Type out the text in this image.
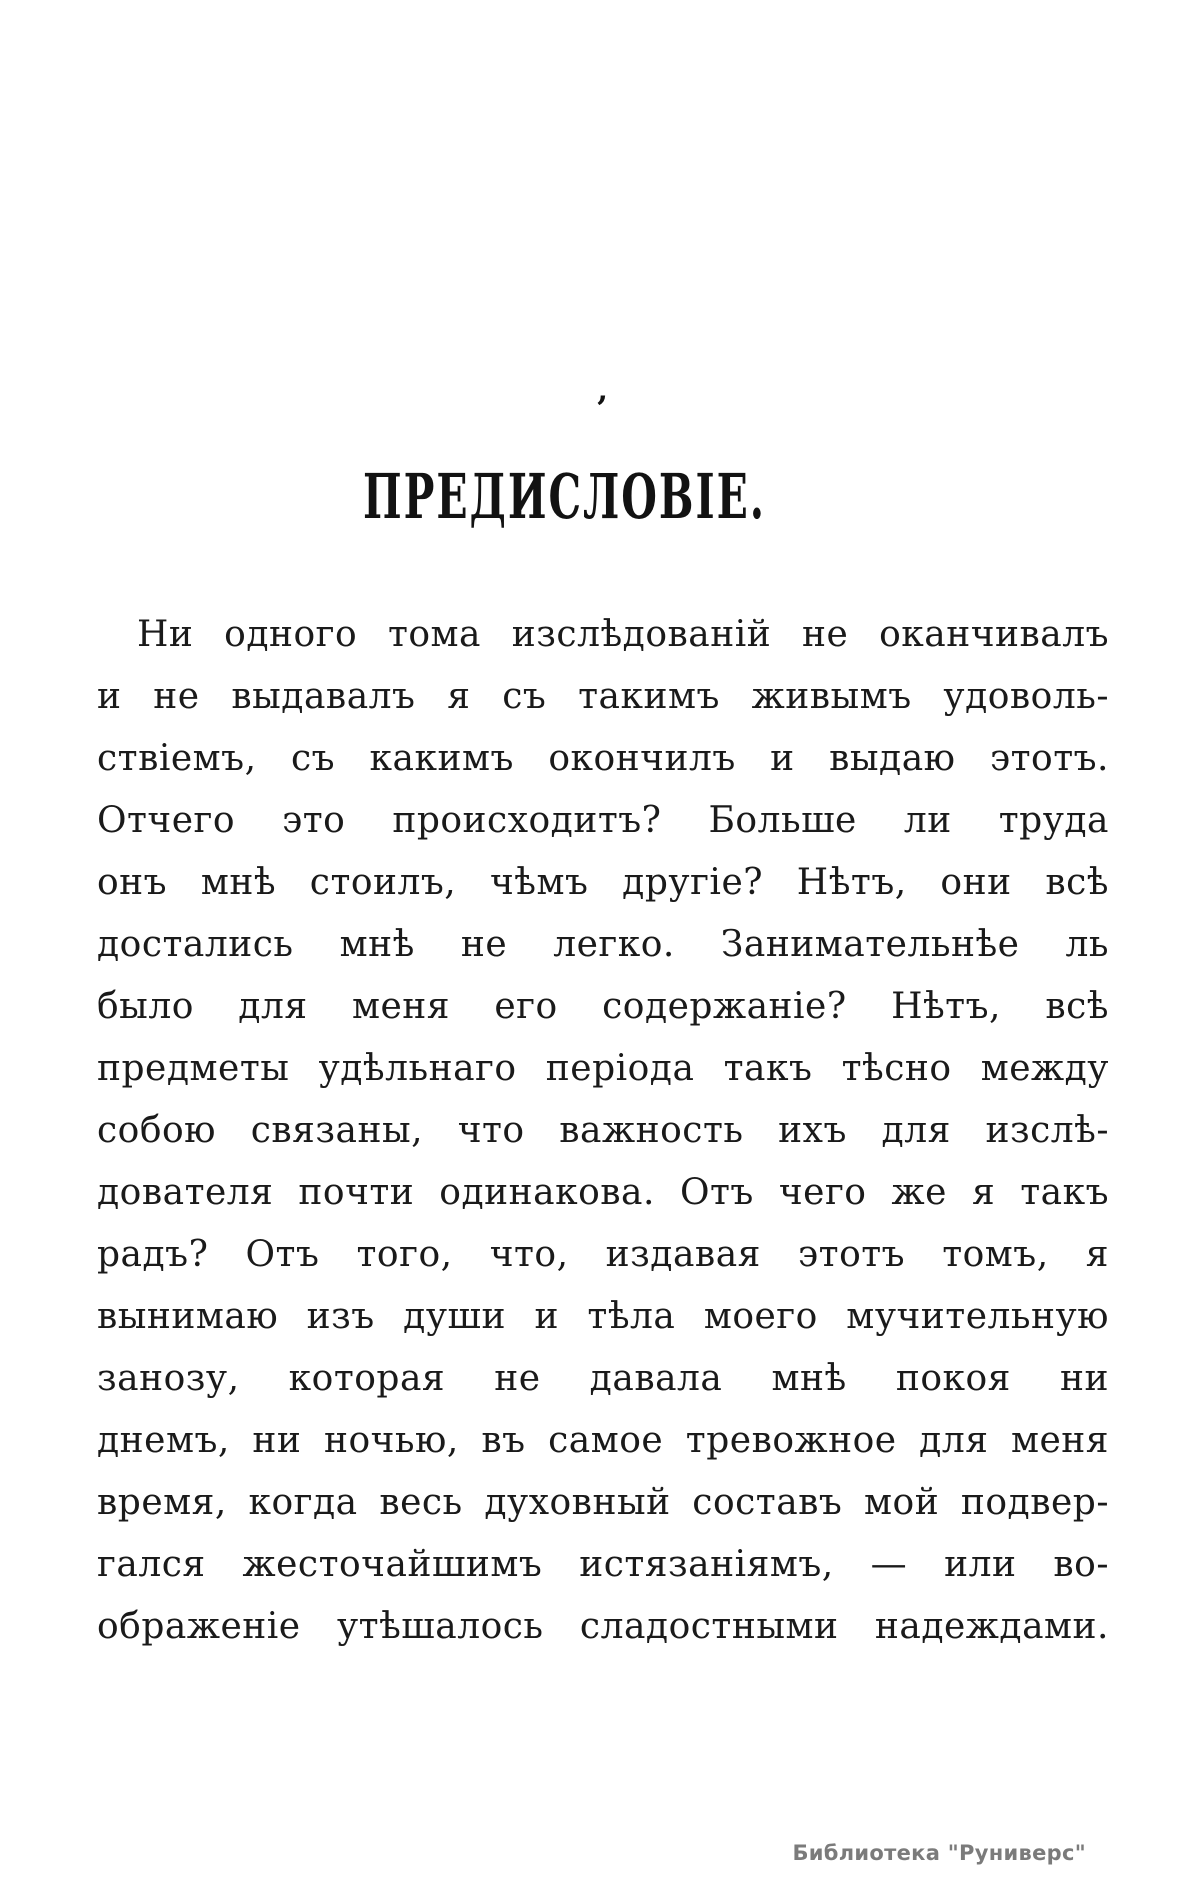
’
ПРЕДИСЛОВІЕ.
Ни одного тома изслѣдованій не оканчивалъ
и не выдавалъ я съ такимъ живымъ удоволь-
ствіемъ, съ какимъ окончилъ и выдаю этотъ.
Отчего это происходитъ? Больше ли труда
онъ мнѣ стоилъ, чѣмъ другіе? Нѣтъ, они всѣ
достались мнѣ не легко. Занимательнѣе ль
было для меня его содержаніе? Нѣтъ, всѣ
предметы удѣльнаго періода такъ тѣсно между
собою связаны, что важность ихъ для изслѣ-
дователя почти одинакова. Отъ чего же я такъ
радъ? Отъ того, что, издавая этотъ томъ, я
вынимаю изъ души и тѣла моего мучительную
занозу, которая не давала мнѣ покоя ни
днемъ, ни ночью, въ самое тревожное для меня
время, когда весь духовный составъ мой подвер-
гался жесточайшимъ истязаніямъ, — или во-
ображеніе утѣшалось сладостными надеждами.
Библиотека "Руниверс"
